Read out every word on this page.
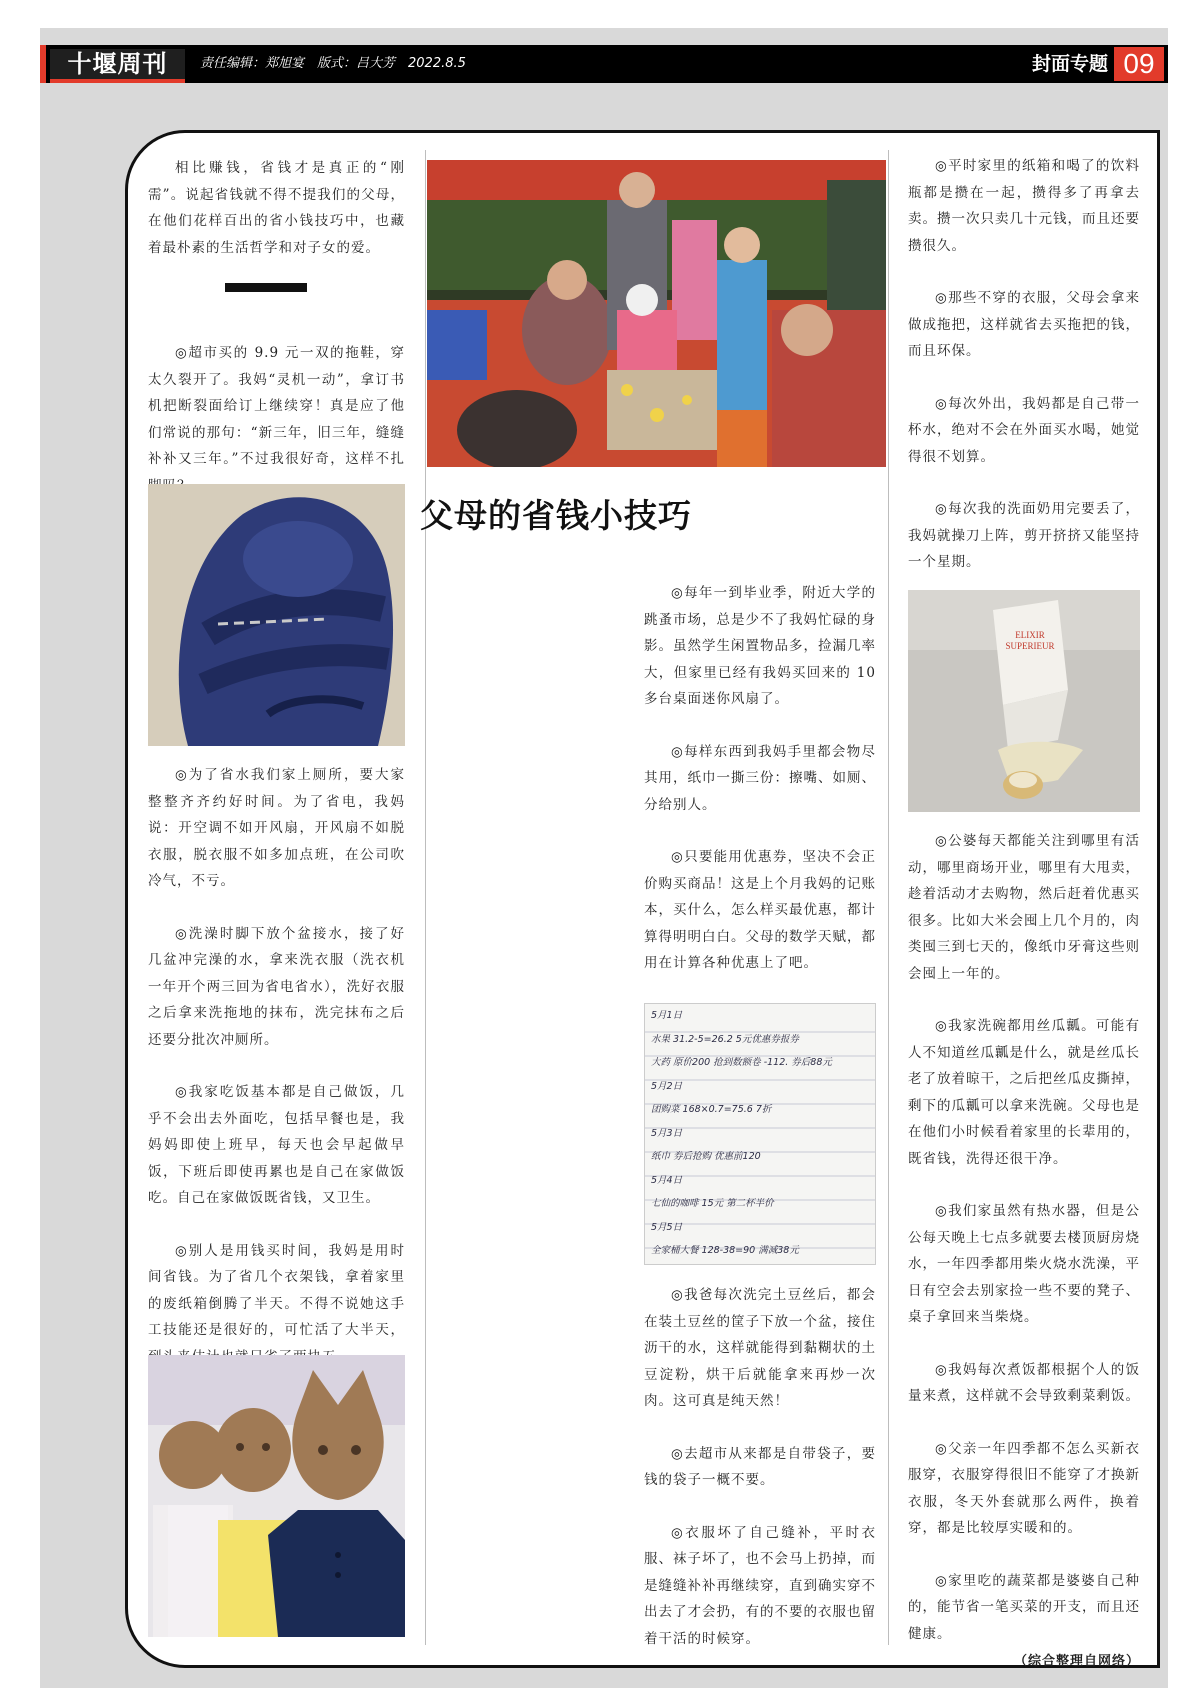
十堰周刊	责任编辑：郑旭宴　版式：吕大芳　2022.8.5	封面专题 09

相比赚钱，省钱才是真正的“刚需”。说起省钱就不得不提我们的父母，在他们花样百出的省小钱技巧中，也藏着最朴素的生活哲学和对子女的爱。

◎超市买的 9.9 元一双的拖鞋，穿太久裂开了。我妈“灵机一动”，拿订书机把断裂面给订上继续穿！真是应了他们常说的那句：“新三年，旧三年，缝缝补补又三年。”不过我很好奇，这样不扎

◎为了省水我们家上厕所，要大家整整齐齐约好时间。为了省电，我妈说：开空调不如开风扇，开风扇不如脱衣服，脱衣服不如多加点班，在公司吹冷气，不亏。

◎洗澡时脚下放个盆接水，接了好几盆冲完澡的水，拿来洗衣服（洗衣机一年开个两三回为省电省水），洗好衣服之后拿来洗拖地的抹布，洗完抹布之后还要分批次冲厕所。

◎我家吃饭基本都是自己做饭，几乎不会出去外面吃，包括早餐也是，我妈妈即使上班早，每天也会早起做早饭，下班后即使再累也是自己在家做饭吃。自己在家做饭既省钱，又卫生。

◎别人是用钱买时间，我妈是用时间省钱。为了省几个衣架钱，拿着家里的废纸箱倒腾了半天。不得不说她这手工技能还是很好的，可忙活了大半天，

父母的省钱小技巧

◎每年一到毕业季，附近大学的跳蚤市场，总是少不了我妈忙碌的身影。虽然学生闲置物品多，捡漏几率大，但家里已经有我妈买回来的 10 多台桌面迷你风扇了。

◎每样东西到我妈手里都会物尽其用，纸巾一撕三份：擦嘴、如厕、分给别人。

◎只要能用优惠券，坚决不会正价购买商品！这是上个月我妈的记账本，买什么，怎么样买最优惠，都计算得明明白白。父母的数学天赋，都用在计算各种优惠上了吧。

5月1日
水果 31.2-5=26.2 5元优惠券报券
大药 原价200 抢到数额卷 -112. 券后88元
5月2日
团购菜 168×0.7=75.6 7折
5月3日
纸巾 券后抢购 优惠前120
5月4日
七仙的咖啡 15元 第二杯半价
5月5日
全家桶大餐 128-38=90 满减38元

◎我爸每次洗完土豆丝后，都会在装土豆丝的筐子下放一个盆，接住沥干的水，这样就能得到黏糊状的土豆淀粉，烘干后就能拿来再炒一次肉。这可真是纯天然！

◎去超市从来都是自带袋子，要钱的袋子一概不要。

◎衣服坏了自己缝补，平时衣服、袜子坏了，也不会马上扔掉，而是缝缝补补再继续穿，直到确实穿不出去了才会扔，有的不要的衣服也留着干活的时候穿。

◎平时家里的纸箱和喝了的饮料瓶都是攒在一起，攒得多了再拿去卖。攒一次只卖几十元钱，而且还要攒很久。

◎那些不穿的衣服，父母会拿来做成拖把，这样就省去买拖把的钱，而且环保。

◎每次外出，我妈都是自己带一杯水，绝对不会在外面买水喝，她觉得很不划算。

◎每次我的洗面奶用完要丢了，我妈就操刀上阵，剪开挤挤又能坚持一个星期。

ELIXIR SUPERIEUR

◎公婆每天都能关注到哪里有活动，哪里商场开业，哪里有大甩卖，趁着活动才去购物，然后赶着优惠买很多。比如大米会囤上几个月的，肉类囤三到七天的，像纸巾牙膏这些则会囤上一年的。

◎我家洗碗都用丝瓜瓤。可能有人不知道丝瓜瓤是什么，就是丝瓜长老了放着晾干，之后把丝瓜皮撕掉，剩下的瓜瓤可以拿来洗碗。父母也是在他们小时候看着家里的长辈用的，既省钱，洗得还很干净。

◎我们家虽然有热水器，但是公公每天晚上七点多就要去楼顶厨房烧水，一年四季都用柴火烧水洗澡，平日有空会去别家捡一些不要的凳子、桌子拿回来当柴烧。

◎我妈每次煮饭都根据个人的饭量来煮，这样就不会导致剩菜剩饭。

◎父亲一年四季都不怎么买新衣服穿，衣服穿得很旧不能穿了才换新衣服，冬天外套就那么两件，换着穿，都是比较厚实暖和的。

◎家里吃的蔬菜都是婆婆自己种的，能节省一笔买菜的开支，而且还健康。

（综合整理自网络）
